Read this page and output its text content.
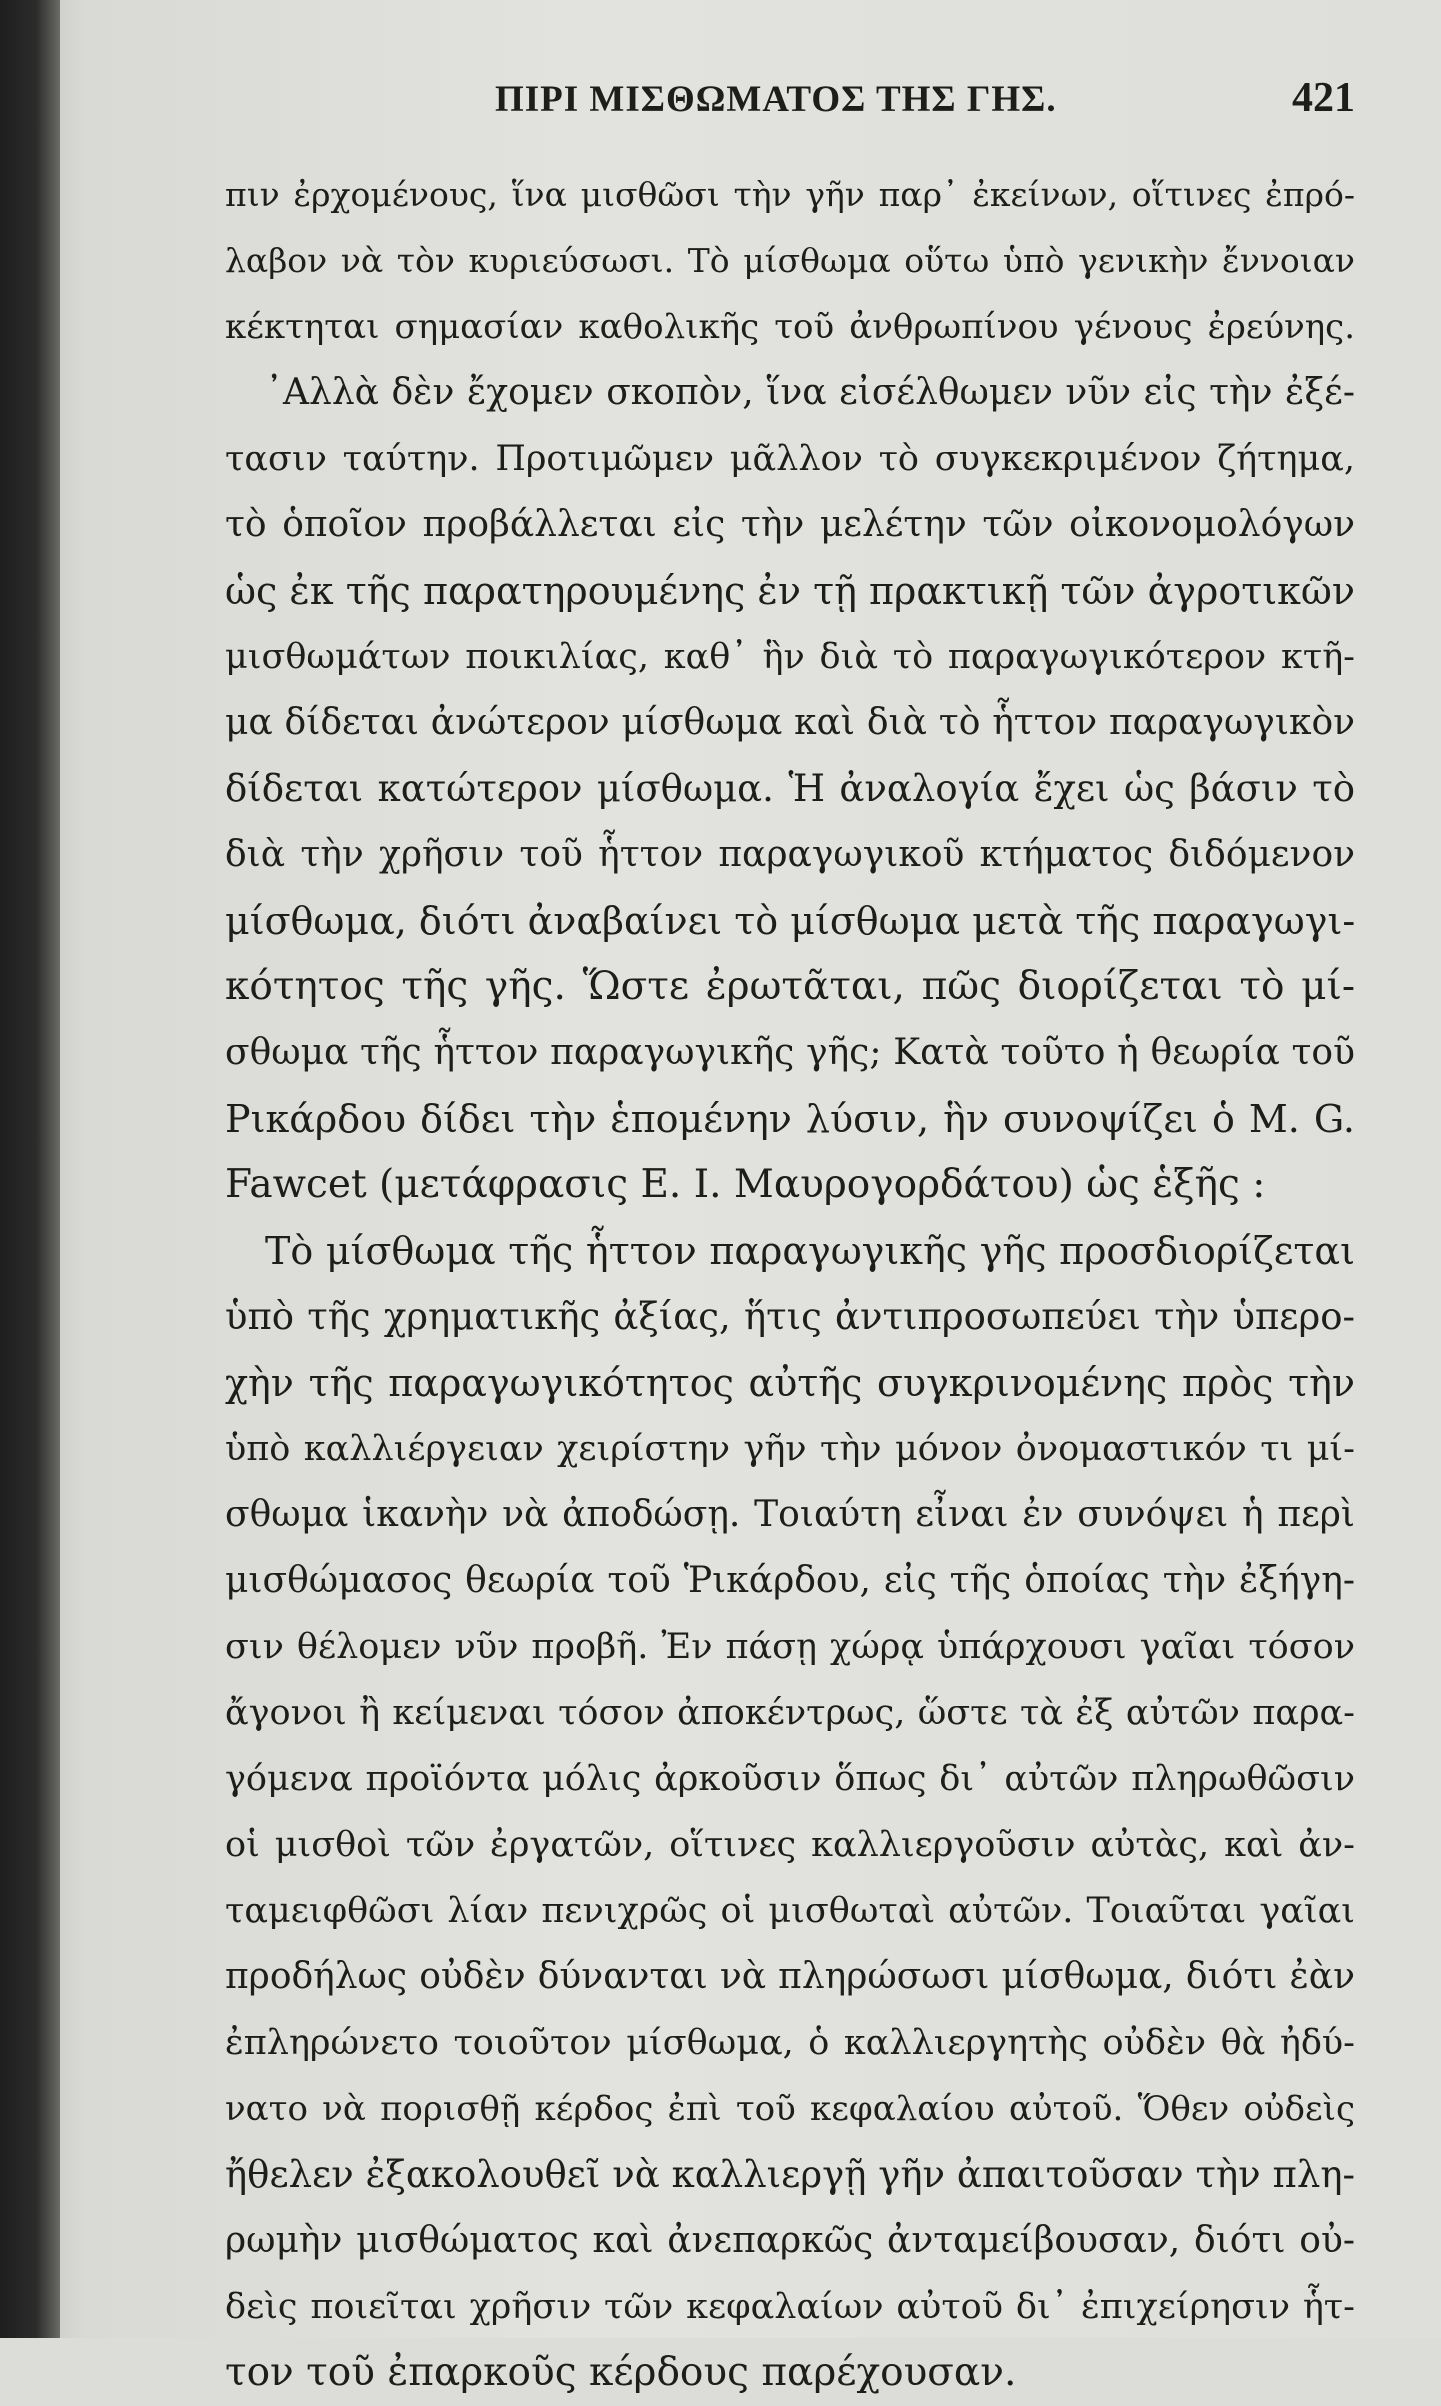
ΠΙΡΙ ΜΙΣΘΩΜΑΤΟΣ ΤΗΣ ΓΗΣ.	421
πιν ἐρχομένους, ἵνα μισθῶσι τὴν γῆν παρ᾽ ἐκείνων, οἵτινες ἐπρό-
λαβον νὰ τὸν κυριεύσωσι. Τὸ μίσθωμα οὕτω ὑπὸ γενικὴν ἔννοιαν
κέκτηται σημασίαν καθολικῆς τοῦ ἀνθρωπίνου γένους ἐρεύνης.
᾿Αλλὰ δὲν ἔχομεν σκοπὸν, ἵνα εἰσέλθωμεν νῦν εἰς τὴν ἐξέ-
τασιν ταύτην. Προτιμῶμεν μᾶλλον τὸ συγκεκριμένον ζήτημα,
τὸ ὁποῖον προβάλλεται εἰς τὴν μελέτην τῶν οἰκονομολόγων
ὡς ἐκ τῆς παρατηρουμένης ἐν τῇ πρακτικῇ τῶν ἀγροτικῶν
μισθωμάτων ποικιλίας, καθ᾽ ἣν διὰ τὸ παραγωγικότερον κτῆ-
μα δίδεται ἀνώτερον μίσθωμα καὶ διὰ τὸ ἧττον παραγωγικὸν
δίδεται κατώτερον μίσθωμα. Ἡ ἀναλογία ἔχει ὡς βάσιν τὸ
διὰ τὴν χρῆσιν τοῦ ἧττον παραγωγικοῦ κτήματος διδόμενον
μίσθωμα, διότι ἀναβαίνει τὸ μίσθωμα μετὰ τῆς παραγωγι-
κότητος τῆς γῆς. Ὥστε ἐρωτᾶται, πῶς διορίζεται τὸ μί-
σθωμα τῆς ἧττον παραγωγικῆς γῆς; Κατὰ τοῦτο ἡ θεωρία τοῦ
Ρικάρδου δίδει τὴν ἑπομένην λύσιν, ἣν συνοψίζει ὁ Μ. G.
Fawcet (μετάφρασις Ε. Ι. Μαυρογορδάτου) ὡς ἑξῆς :
Τὸ μίσθωμα τῆς ἧττον παραγωγικῆς γῆς προσδιορίζεται
ὑπὸ τῆς χρηματικῆς ἀξίας, ἥτις ἀντιπροσωπεύει τὴν ὑπερο-
χὴν τῆς παραγωγικότητος αὐτῆς συγκρινομένης πρὸς τὴν
ὑπὸ καλλιέργειαν χειρίστην γῆν τὴν μόνον ὀνομαστικόν τι μί-
σθωμα ἱκανὴν νὰ ἀποδώσῃ. Τοιαύτη εἶναι ἐν συνόψει ἡ περὶ
μισθώμασος θεωρία τοῦ Ῥικάρδου, εἰς τῆς ὁποίας τὴν ἐξήγη-
σιν θέλομεν νῦν προβῆ. Ἐν πάσῃ χώρᾳ ὑπάρχουσι γαῖαι τόσον
ἄγονοι ἢ κείμεναι τόσον ἀποκέντρως, ὥστε τὰ ἐξ αὐτῶν παρα-
γόμενα προϊόντα μόλις ἀρκοῦσιν ὅπως δι᾽ αὐτῶν πληρωθῶσιν
οἱ μισθοὶ τῶν ἐργατῶν, οἵτινες καλλιεργοῦσιν αὐτὰς, καὶ ἀν-
ταμειφθῶσι λίαν πενιχρῶς οἱ μισθωταὶ αὐτῶν. Τοιαῦται γαῖαι
προδήλως οὐδὲν δύνανται νὰ πληρώσωσι μίσθωμα, διότι ἐὰν
ἐπληρώνετο τοιοῦτον μίσθωμα, ὁ καλλιεργητὴς οὐδὲν θὰ ἠδύ-
νατο νὰ πορισθῇ κέρδος ἐπὶ τοῦ κεφαλαίου αὐτοῦ. Ὅθεν οὐδεὶς
ἤθελεν ἐξακολουθεῖ νὰ καλλιεργῇ γῆν ἀπαιτοῦσαν τὴν πλη-
ρωμὴν μισθώματος καὶ ἀνεπαρκῶς ἀνταμείβουσαν, διότι οὐ-
δεὶς ποιεῖται χρῆσιν τῶν κεφαλαίων αὐτοῦ δι᾽ ἐπιχείρησιν ἧτ-
τον τοῦ ἐπαρκοῦς κέρδους παρέχουσαν.
